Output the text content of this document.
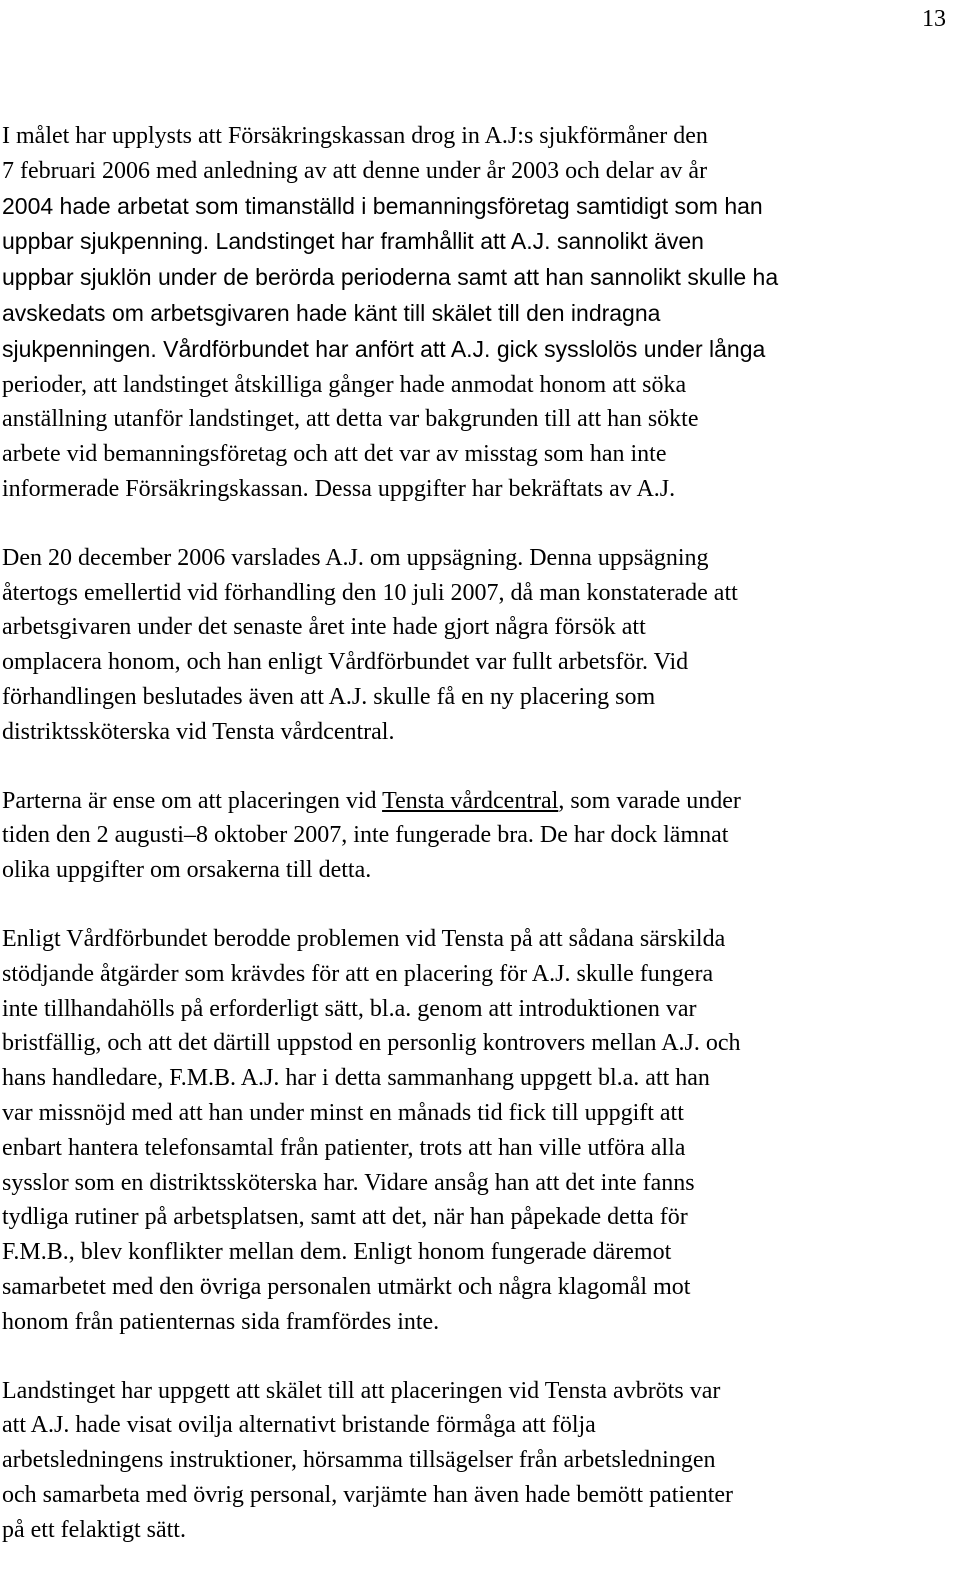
13

I målet har upplysts att Försäkringskassan drog in A.J:s sjukförmåner den
7 februari 2006 med anledning av att denne under år 2003 och delar av år
2004 hade arbetat som timanställd i bemanningsföretag samtidigt som han
uppbar sjukpenning. Landstinget har framhållit att A.J. sannolikt även
uppbar sjuklön under de berörda perioderna samt att han sannolikt skulle ha
avskedats om arbetsgivaren hade känt till skälet till den indragna
sjukpenningen. Vårdförbundet har anfört att A.J. gick sysslolös under långa
perioder, att landstinget åtskilliga gånger hade anmodat honom att söka
anställning utanför landstinget, att detta var bakgrunden till att han sökte
arbete vid bemanningsföretag och att det var av misstag som han inte
informerade Försäkringskassan. Dessa uppgifter har bekräftats av A.J.

Den 20 december 2006 varslades A.J. om uppsägning. Denna uppsägning
återtogs emellertid vid förhandling den 10 juli 2007, då man konstaterade att
arbetsgivaren under det senaste året inte hade gjort några försök att
omplacera honom, och han enligt Vårdförbundet var fullt arbetsför. Vid
förhandlingen beslutades även att A.J. skulle få en ny placering som
distriktssköterska vid Tensta vårdcentral.

Parterna är ense om att placeringen vid Tensta vårdcentral, som varade under
tiden den 2 augusti–8 oktober 2007, inte fungerade bra. De har dock lämnat
olika uppgifter om orsakerna till detta.

Enligt Vårdförbundet berodde problemen vid Tensta på att sådana särskilda
stödjande åtgärder som krävdes för att en placering för A.J. skulle fungera
inte tillhandahölls på erforderligt sätt, bl.a. genom att introduktionen var
bristfällig, och att det därtill uppstod en personlig kontrovers mellan A.J. och
hans handledare, F.M.B. A.J. har i detta sammanhang uppgett bl.a. att han
var missnöjd med att han under minst en månads tid fick till uppgift att
enbart hantera telefonsamtal från patienter, trots att han ville utföra alla
sysslor som en distriktssköterska har. Vidare ansåg han att det inte fanns
tydliga rutiner på arbetsplatsen, samt att det, när han påpekade detta för
F.M.B., blev konflikter mellan dem. Enligt honom fungerade däremot
samarbetet med den övriga personalen utmärkt och några klagomål mot
honom från patienternas sida framfördes inte.

Landstinget har uppgett att skälet till att placeringen vid Tensta avbröts var
att A.J. hade visat ovilja alternativt bristande förmåga att följa
arbetsledningens instruktioner, hörsamma tillsägelser från arbetsledningen
och samarbeta med övrig personal, varjämte han även hade bemött patienter
på ett felaktigt sätt.
